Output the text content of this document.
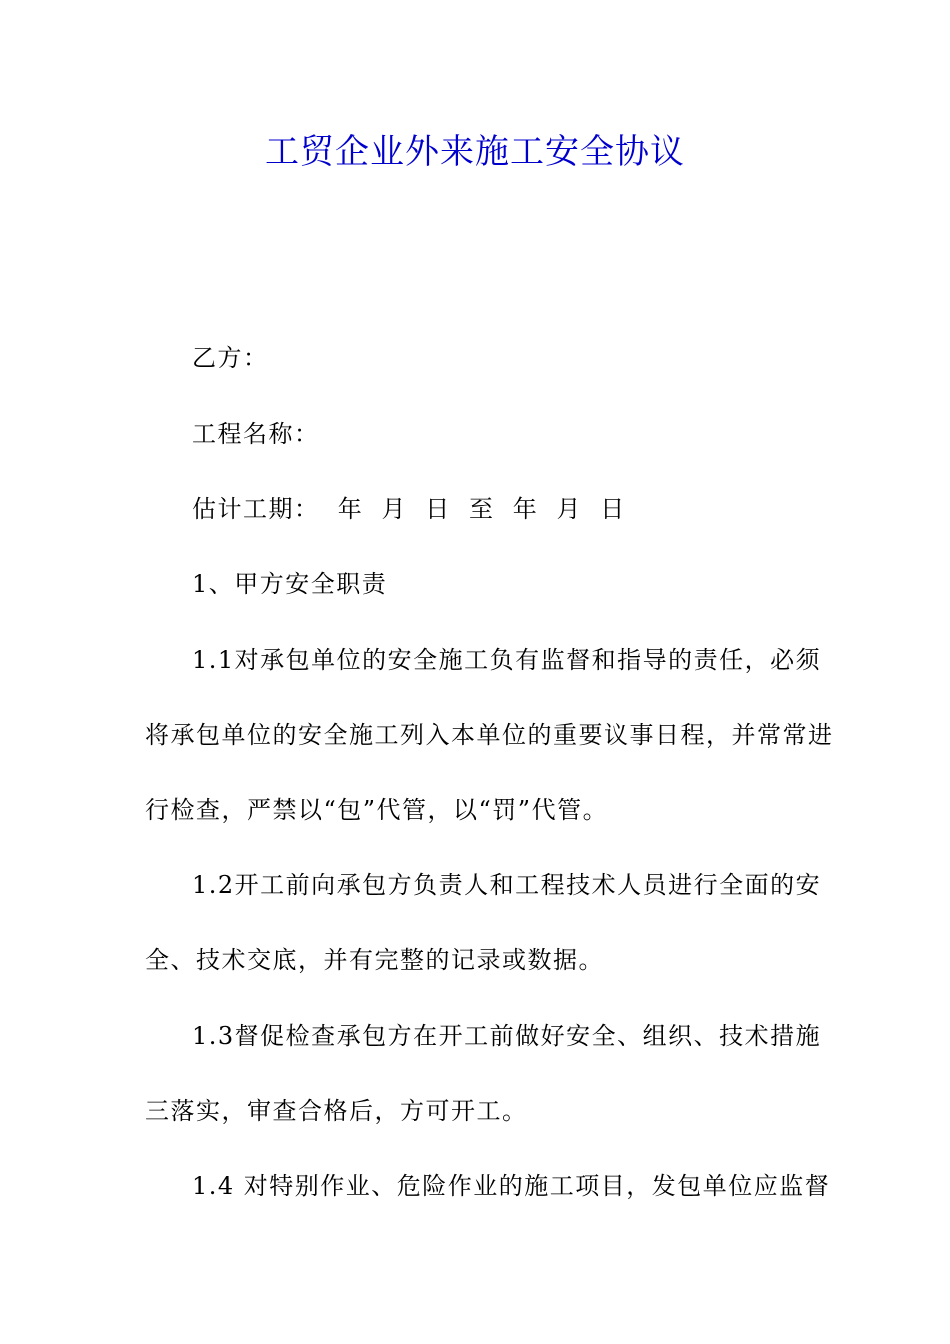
工贸企业外来施工安全协议
乙方：
工程名称：
估计工期：  年  月  日  至  年  月  日
1、甲方安全职责
1.1对承包单位的安全施工负有监督和指导的责任，必须
将承包单位的安全施工列入本单位的重要议事日程，并常常进
行检查，严禁以“包”代管，以“罚”代管。
1.2开工前向承包方负责人和工程技术人员进行全面的安
全、技术交底，并有完整的记录或数据。
1.3督促检查承包方在开工前做好安全、组织、技术措施
三落实，审查合格后，方可开工。
1.4 对特别作业、危险作业的施工项目，发包单位应监督
